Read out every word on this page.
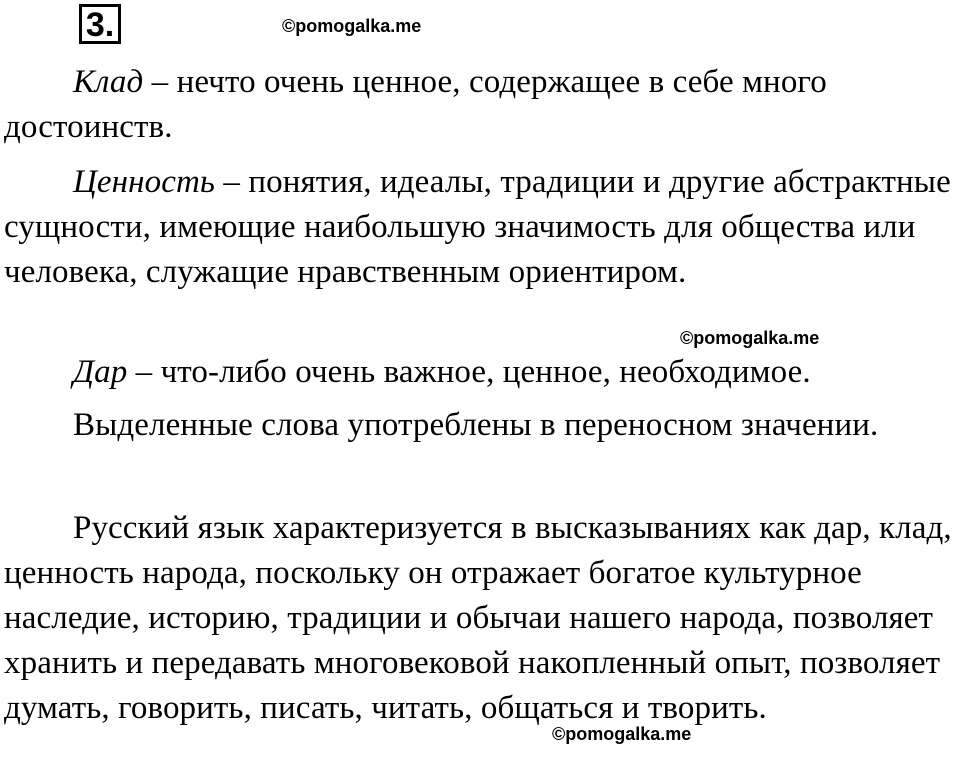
3.	©pomogalka.me

Клад – нечто очень ценное, содержащее в себе много достоинств.

Ценность – понятия, идеалы, традиции и другие абстрактные сущности, имеющие наибольшую значимость для общества или человека, служащие нравственным ориентиром.

©pomogalka.me

Дар – что-либо очень важное, ценное, необходимое.

Выделенные слова употреблены в переносном значении.

Русский язык характеризуется в высказываниях как дар, клад, ценность народа, поскольку он отражает богатое культурное наследие, историю, традиции и обычаи нашего народа, позволяет хранить и передавать многовековой накопленный опыт, позволяет думать, говорить, писать, читать, общаться и творить.

©pomogalka.me
